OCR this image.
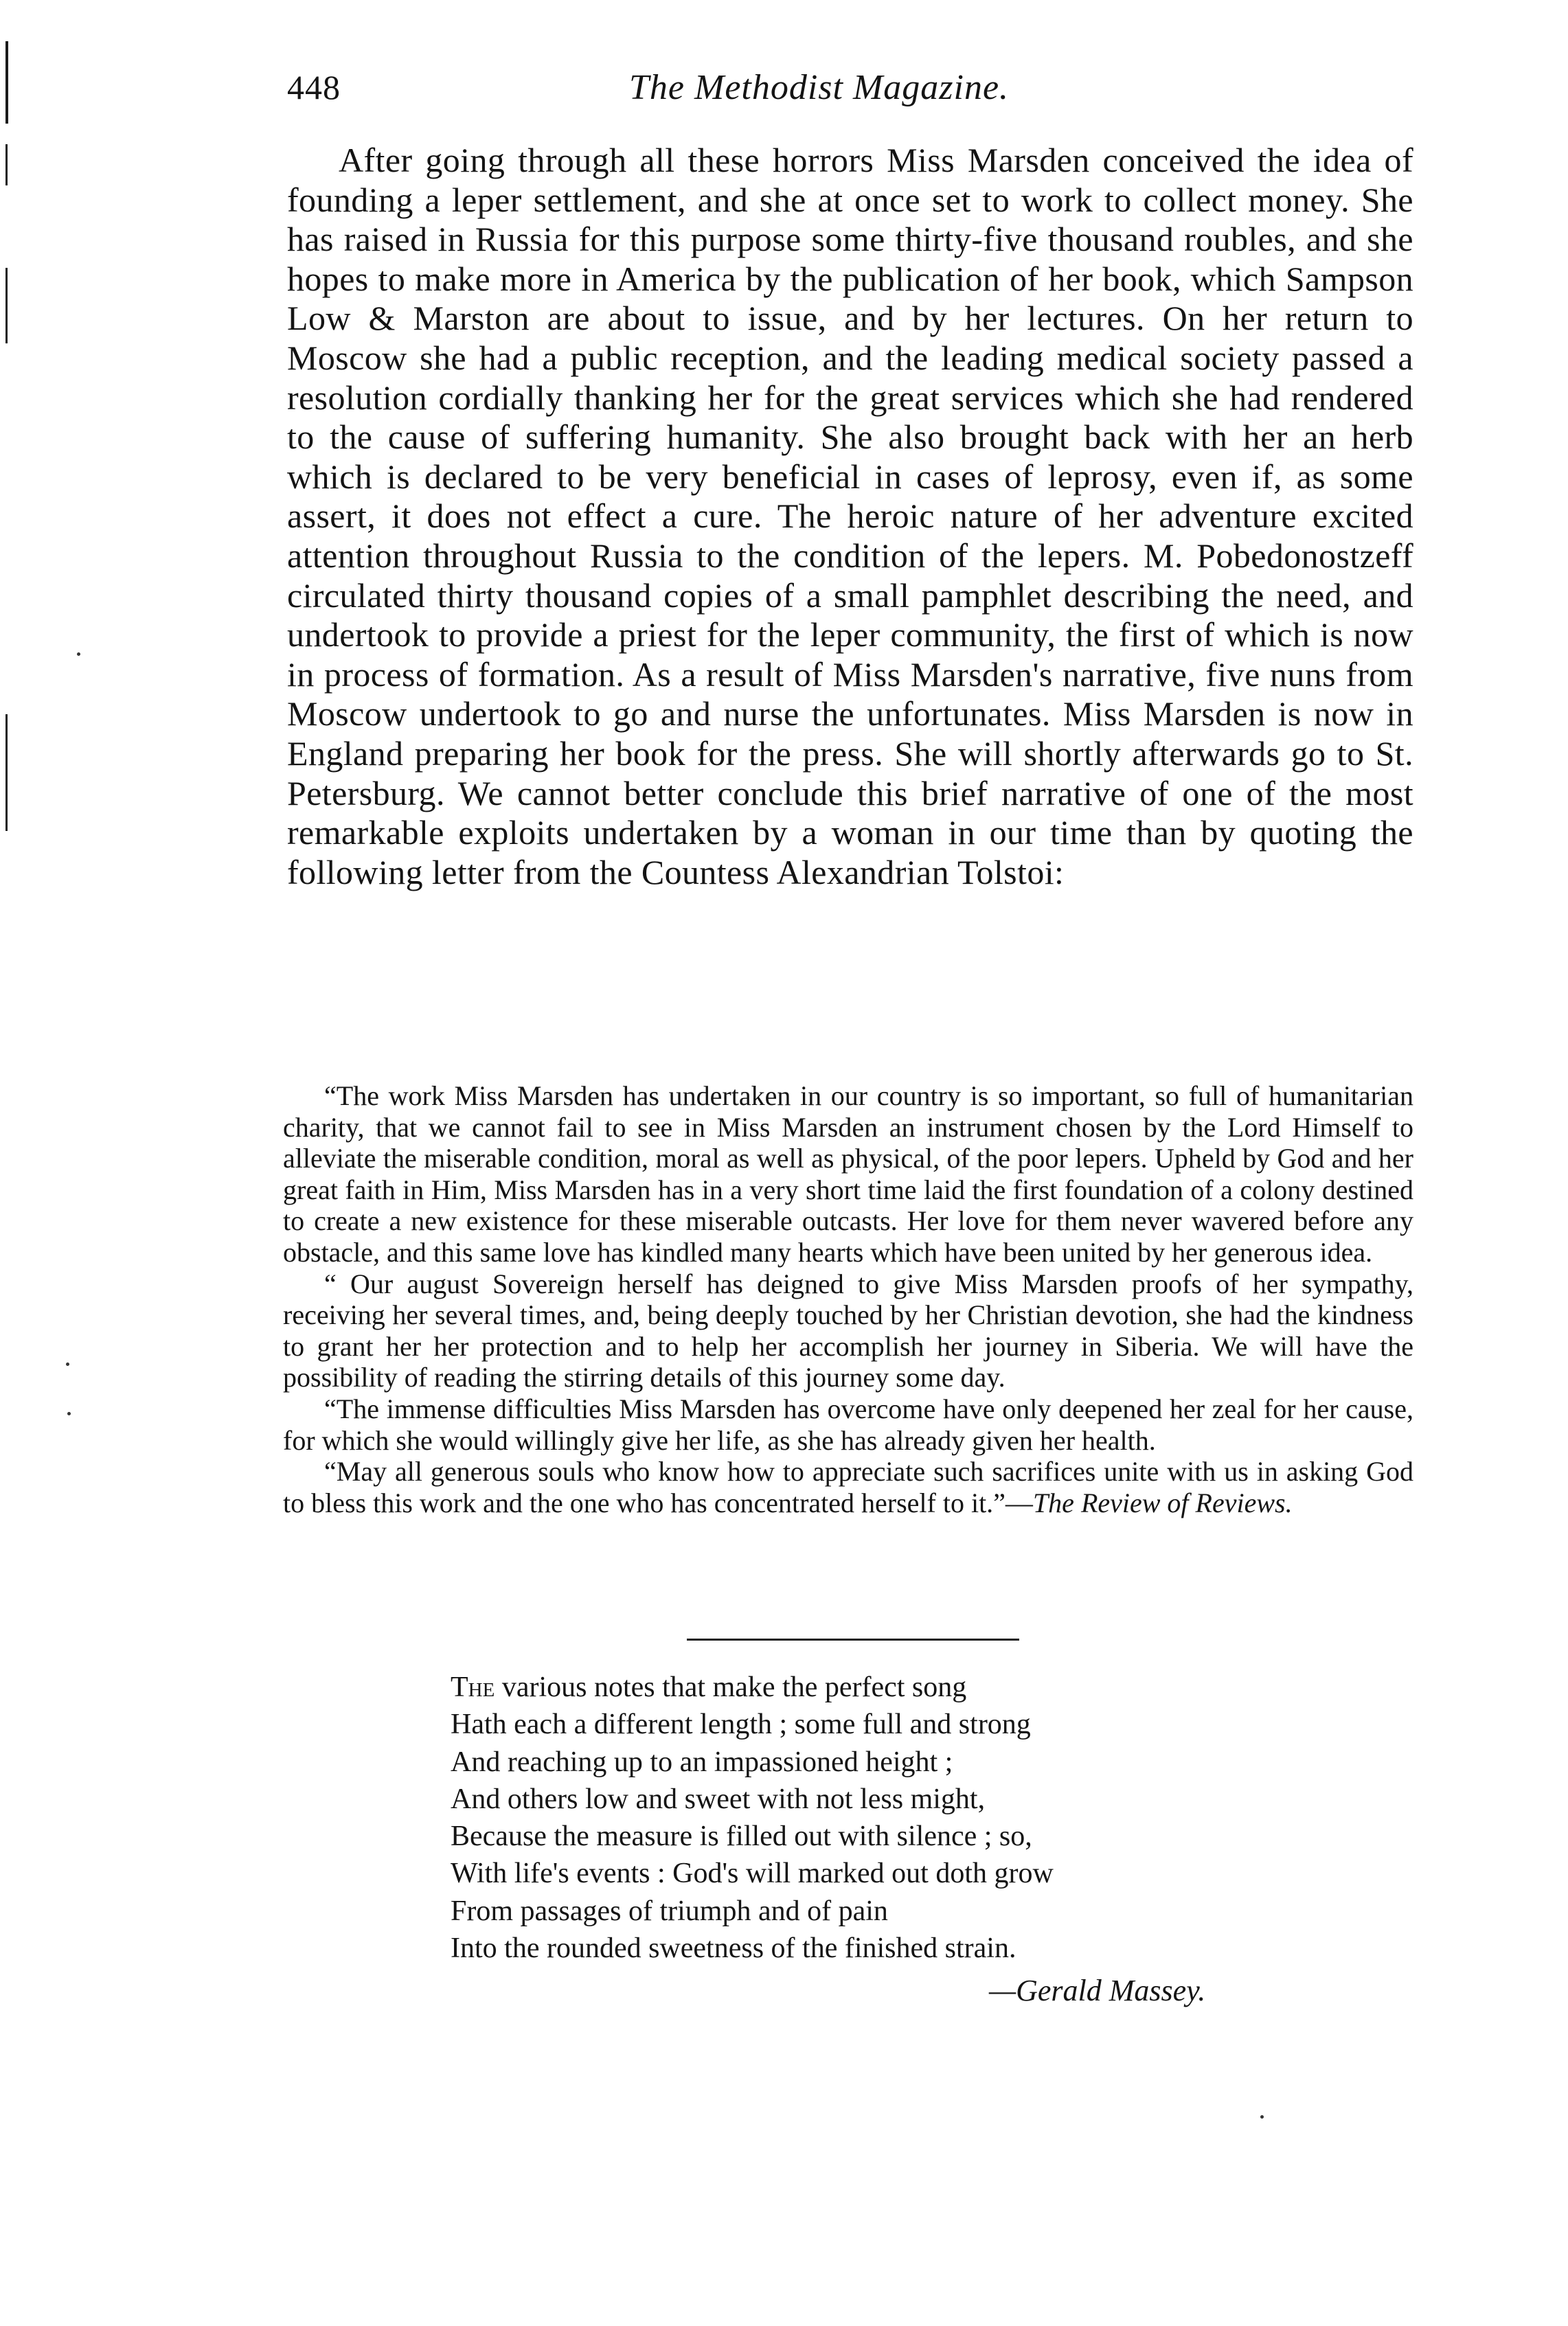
448	The Methodist Magazine.

After going through all these horrors Miss Marsden conceived the idea of founding a leper settlement, and she at once set to work to collect money. She has raised in Russia for this purpose some thirty-five thousand roubles, and she hopes to make more in America by the publication of her book, which Sampson Low & Marston are about to issue, and by her lectures. On her return to Moscow she had a public reception, and the leading medical society passed a resolution cordially thanking her for the great services which she had rendered to the cause of suffering humanity. She also brought back with her an herb which is declared to be very beneficial in cases of leprosy, even if, as some assert, it does not effect a cure. The heroic nature of her adventure excited attention throughout Russia to the condition of the lepers. M. Pobedonostzeff circulated thirty thousand copies of a small pamphlet describing the need, and undertook to provide a priest for the leper community, the first of which is now in process of formation. As a result of Miss Marsden's narrative, five nuns from Moscow undertook to go and nurse the unfortunates. Miss Marsden is now in England preparing her book for the press. She will shortly afterwards go to St. Petersburg. We cannot better conclude this brief narrative of one of the most remarkable exploits undertaken by a woman in our time than by quoting the following letter from the Countess Alexandrian Tolstoi:

“The work Miss Marsden has undertaken in our country is so important, so full of humanitarian charity, that we cannot fail to see in Miss Marsden an instrument chosen by the Lord Himself to alleviate the miserable condition, moral as well as physical, of the poor lepers. Upheld by God and her great faith in Him, Miss Marsden has in a very short time laid the first foundation of a colony destined to create a new existence for these miserable outcasts. Her love for them never wavered before any obstacle, and this same love has kindled many hearts which have been united by her generous idea.

“ Our august Sovereign herself has deigned to give Miss Marsden proofs of her sympathy, receiving her several times, and, being deeply touched by her Christian devotion, she had the kindness to grant her her protection and to help her accomplish her journey in Siberia. We will have the possibility of reading the stirring details of this journey some day.

“The immense difficulties Miss Marsden has overcome have only deepened her zeal for her cause, for which she would willingly give her life, as she has already given her health.

“May all generous souls who know how to appreciate such sacrifices unite with us in asking God to bless this work and the one who has concentrated herself to it.”—The Review of Reviews.

The various notes that make the perfect song
Hath each a different length ; some full and strong
And reaching up to an impassioned height ;
And others low and sweet with not less might,
Because the measure is filled out with silence ; so,
With life's events : God's will marked out doth grow
From passages of triumph and of pain
Into the rounded sweetness of the finished strain.
—Gerald Massey.
